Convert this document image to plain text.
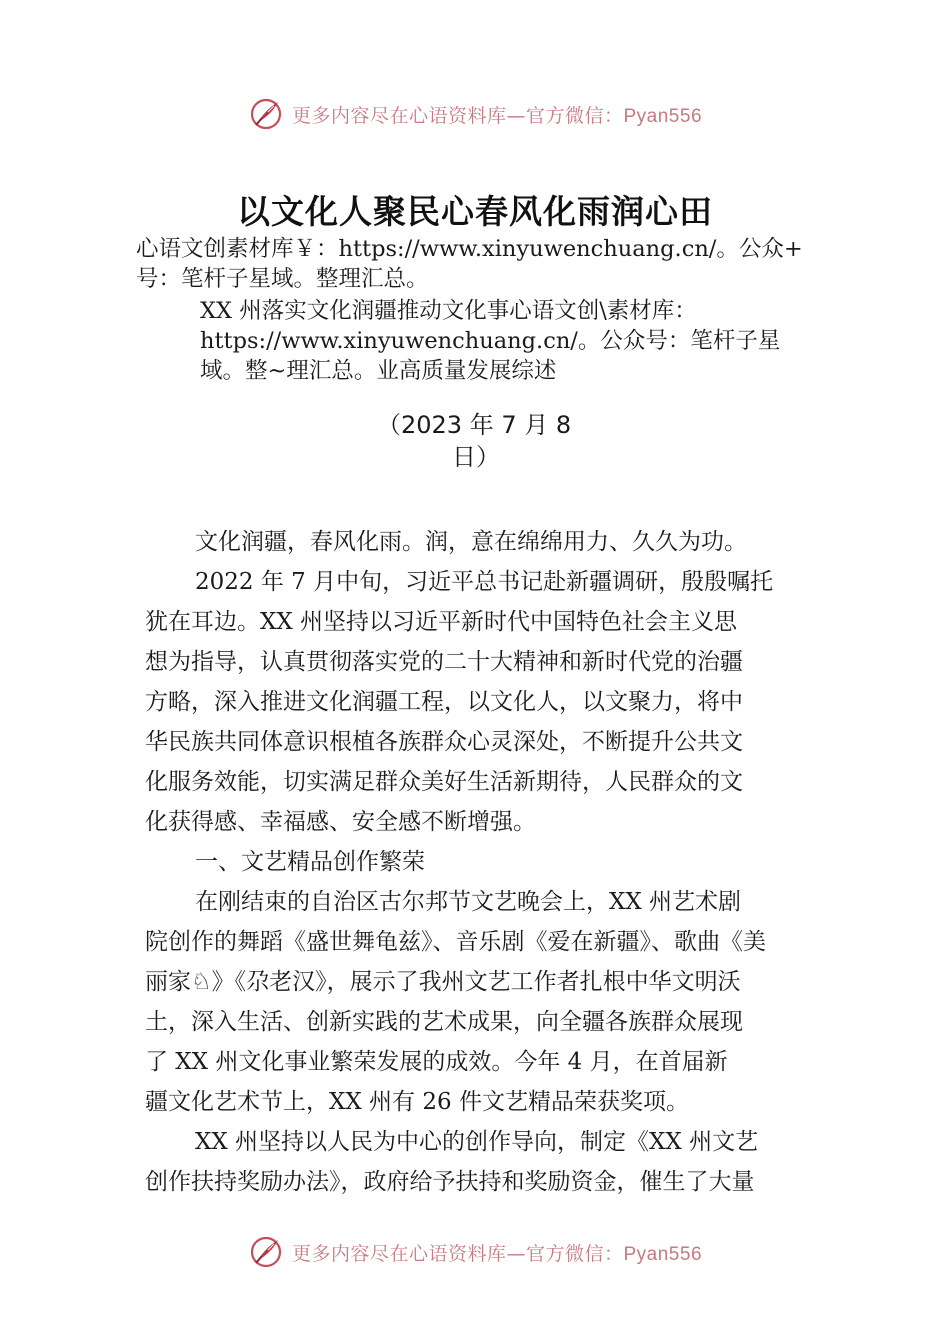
更多内容尽在心语资料库—官方微信：Pyan556
以文化人聚民心春风化雨润心田
心语文创素材库￥：https://www.xinyuwenchuang.cn/。公众+
号：笔杆子星域。整理汇总。
XX 州落实文化润疆推动文化事心语文创\素材库：
https://www.xinyuwenchuang.cn/。公众号：笔杆子星
域。整~理汇总。业高质量发展综述
（2023 年 7 月 8
日）
文化润疆，春风化雨。润，意在绵绵用力、久久为功。
2022 年 7 月中旬，习近平总书记赴新疆调研，殷殷嘱托
犹在耳边。XX 州坚持以习近平新时代中国特色社会主义思
想为指导，认真贯彻落实党的二十大精神和新时代党的治疆
方略，深入推进文化润疆工程，以文化人，以文聚力，将中
华民族共同体意识根植各族群众心灵深处，不断提升公共文
化服务效能，切实满足群众美好生活新期待，人民群众的文
化获得感、幸福感、安全感不断增强。
一、文艺精品创作繁荣
在刚结束的自治区古尔邦节文艺晚会上，XX 州艺术剧
院创作的舞蹈《盛世舞龟兹》、音乐剧《爱在新疆》、歌曲《美
丽家♘》《尕老汉》，展示了我州文艺工作者扎根中华文明沃
土，深入生活、创新实践的艺术成果，向全疆各族群众展现
了 XX 州文化事业繁荣发展的成效。今年 4 月，在首届新
疆文化艺术节上，XX 州有 26 件文艺精品荣获奖项。
XX 州坚持以人民为中心的创作导向，制定《XX 州文艺
创作扶持奖励办法》，政府给予扶持和奖励资金，催生了大量
更多内容尽在心语资料库—官方微信：Pyan556
